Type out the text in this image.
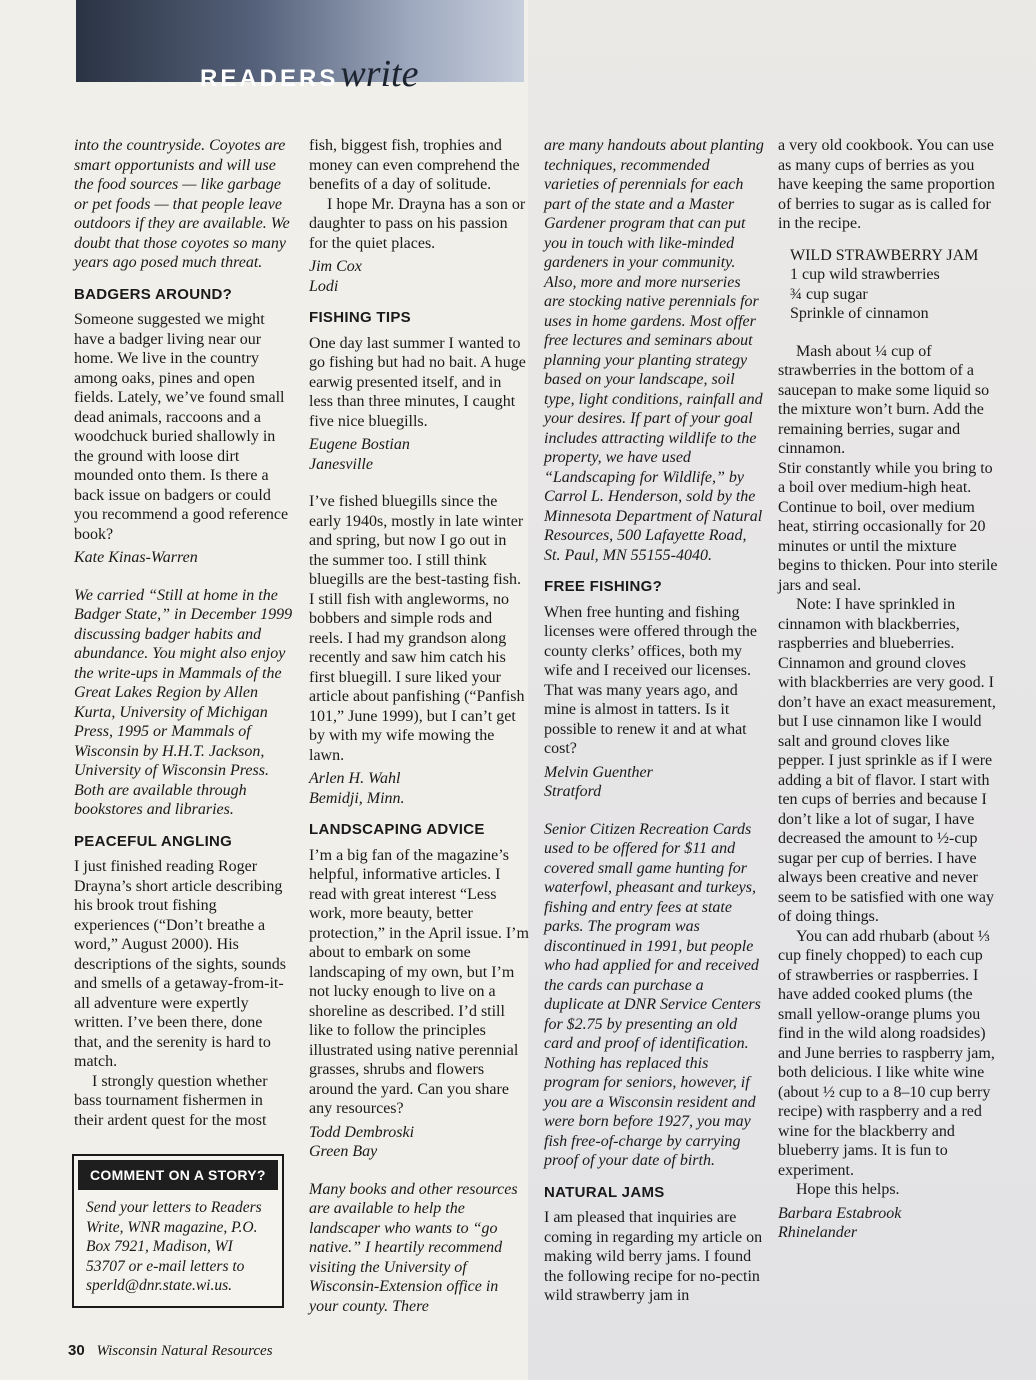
READERS write

into the countryside. Coyotes are smart opportunists and will use the food sources — like garbage or pet foods — that people leave outdoors if they are available. We doubt that those coyotes so many years ago posed much threat.

BADGERS AROUND?

Someone suggested we might have a badger living near our home. We live in the country among oaks, pines and open fields. Lately, we’ve found small dead animals, raccoons and a woodchuck buried shallowly in the ground with loose dirt mounded onto them. Is there a back issue on badgers or could you recommend a good reference book?

Kate Kinas-Warren

We carried “Still at home in the Badger State,” in December 1999 discussing badger habits and abundance. You might also enjoy the write-ups in Mammals of the Great Lakes Region by Allen Kurta, University of Michigan Press, 1995 or Mammals of Wisconsin by H.H.T. Jackson, University of Wisconsin Press. Both are available through bookstores and libraries.

PEACEFUL ANGLING

I just finished reading Roger Drayna’s short article describing his brook trout fishing experiences (“Don’t breathe a word,” August 2000). His descriptions of the sights, sounds and smells of a getaway-from-it-all adventure were expertly written. I’ve been there, done that, and the serenity is hard to match.

I strongly question whether bass tournament fishermen in their ardent quest for the most

fish, biggest fish, trophies and money can even comprehend the benefits of a day of solitude.

I hope Mr. Drayna has a son or daughter to pass on his passion for the quiet places.

Jim Cox

Lodi

FISHING TIPS

One day last summer I wanted to go fishing but had no bait. A huge earwig presented itself, and in less than three minutes, I caught five nice bluegills.

Eugene Bostian

Janesville

I’ve fished bluegills since the early 1940s, mostly in late winter and spring, but now I go out in the summer too. I still think bluegills are the best-tasting fish. I still fish with angleworms, no bobbers and simple rods and reels. I had my grandson along recently and saw him catch his first bluegill. I sure liked your article about panfishing (“Panfish 101,” June 1999), but I can’t get by with my wife mowing the lawn.

Arlen H. Wahl

Bemidji, Minn.

LANDSCAPING ADVICE

I’m a big fan of the magazine’s helpful, informative articles. I read with great interest “Less work, more beauty, better protection,” in the April issue. I’m about to embark on some landscaping of my own, but I’m not lucky enough to live on a shoreline as described. I’d still like to follow the principles illustrated using native perennial grasses, shrubs and flowers around the yard. Can you share any resources?

Todd Dembroski

Green Bay

Many books and other resources are available to help the landscaper who wants to “go native.” I heartily recommend visiting the University of Wisconsin-Extension office in your county. There

are many handouts about planting techniques, recommended varieties of perennials for each part of the state and a Master Gardener program that can put you in touch with like-minded gardeners in your community. Also, more and more nurseries are stocking native perennials for uses in home gardens. Most offer free lectures and seminars about planning your planting strategy based on your landscape, soil type, light conditions, rainfall and your desires. If part of your goal includes attracting wildlife to the property, we have used “Landscaping for Wildlife,” by Carrol L. Henderson, sold by the Minnesota Department of Natural Resources, 500 Lafayette Road, St. Paul, MN 55155-4040.

FREE FISHING?

When free hunting and fishing licenses were offered through the county clerks’ offices, both my wife and I received our licenses. That was many years ago, and mine is almost in tatters. Is it possible to renew it and at what cost?

Melvin Guenther

Stratford

Senior Citizen Recreation Cards used to be offered for $11 and covered small game hunting for waterfowl, pheasant and turkeys, fishing and entry fees at state parks. The program was discontinued in 1991, but people who had applied for and received the cards can purchase a duplicate at DNR Service Centers for $2.75 by presenting an old card and proof of identification. Nothing has replaced this program for seniors, however, if you are a Wisconsin resident and were born before 1927, you may fish free-of-charge by carrying proof of your date of birth.

NATURAL JAMS

I am pleased that inquiries are coming in regarding my article on making wild berry jams. I found the following recipe for no-pectin wild strawberry jam in

a very old cookbook. You can use as many cups of berries as you have keeping the same proportion of berries to sugar as is called for in the recipe.

WILD STRAWBERRY JAM

1 cup wild strawberries

¾ cup sugar

Sprinkle of cinnamon

Mash about ¼ cup of strawberries in the bottom of a saucepan to make some liquid so the mixture won’t burn. Add the remaining berries, sugar and cinnamon.

Stir constantly while you bring to a boil over medium-high heat. Continue to boil, over medium heat, stirring occasionally for 20 minutes or until the mixture begins to thicken. Pour into sterile jars and seal.

Note: I have sprinkled in cinnamon with blackberries, raspberries and blueberries. Cinnamon and ground cloves with blackberries are very good. I don’t have an exact measurement, but I use cinnamon like I would salt and ground cloves like pepper. I just sprinkle as if I were adding a bit of flavor. I start with ten cups of berries and because I don’t like a lot of sugar, I have decreased the amount to ½-cup sugar per cup of berries. I have always been creative and never seem to be satisfied with one way of doing things.

You can add rhubarb (about ⅓ cup finely chopped) to each cup of strawberries or raspberries. I have added cooked plums (the small yellow-orange plums you find in the wild along roadsides) and June berries to raspberry jam, both delicious. I like white wine (about ½ cup to a 8–10 cup berry recipe) with raspberry and a red wine for the blackberry and blueberry jams. It is fun to experiment.

Hope this helps.

Barbara Estabrook

Rhinelander

COMMENT ON A STORY?
Send your letters to Readers Write, WNR magazine, P.O. Box 7921, Madison, WI 53707 or e-mail letters to sperld@dnr.state.wi.us.
30 Wisconsin Natural Resources
